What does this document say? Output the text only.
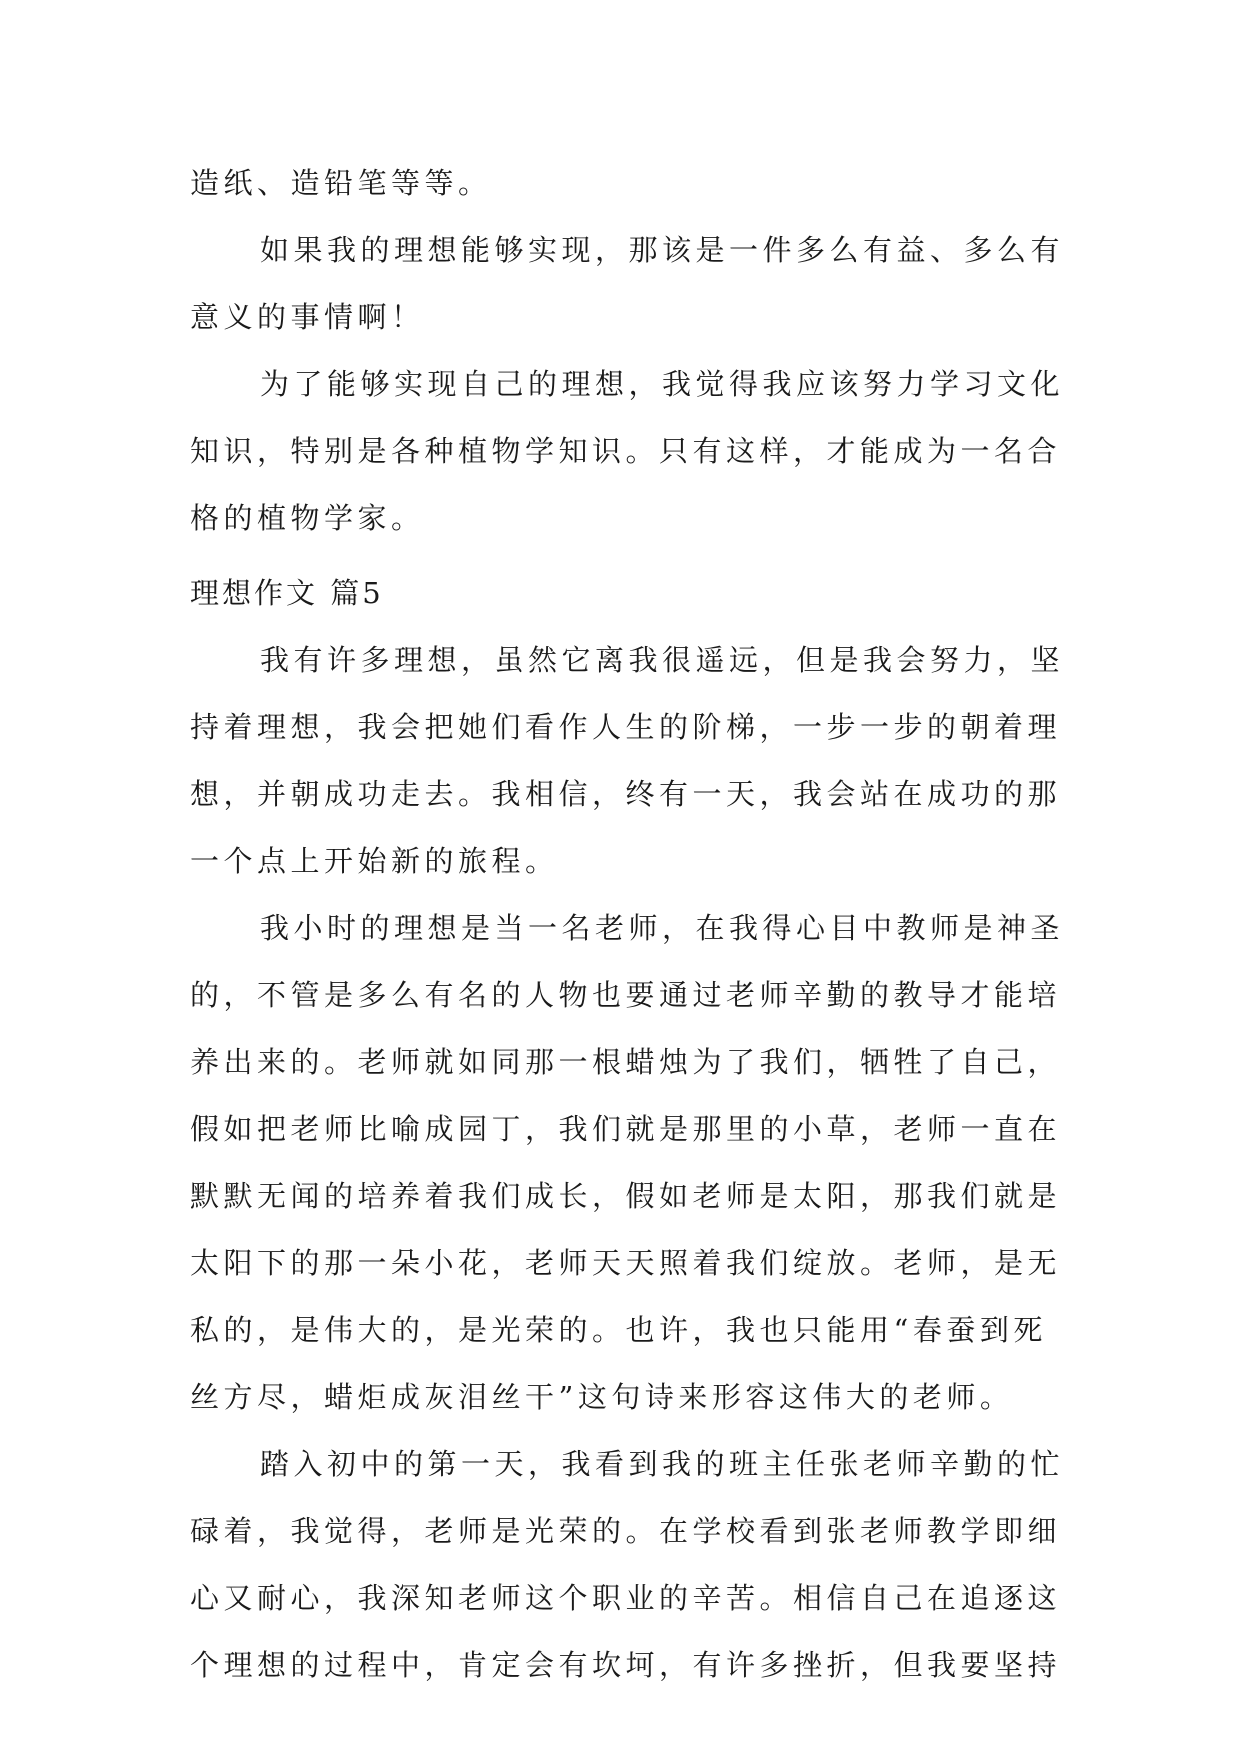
造纸、造铅笔等等。
如果我的理想能够实现，那该是一件多么有益、多么有
意义的事情啊！
为了能够实现自己的理想，我觉得我应该努力学习文化
知识，特别是各种植物学知识。只有这样，才能成为一名合
格的植物学家。
理想作文 篇5
我有许多理想，虽然它离我很遥远，但是我会努力，坚
持着理想，我会把她们看作人生的阶梯，一步一步的朝着理
想，并朝成功走去。我相信，终有一天，我会站在成功的那
一个点上开始新的旅程。
我小时的理想是当一名老师，在我得心目中教师是神圣
的，不管是多么有名的人物也要通过老师辛勤的教导才能培
养出来的。老师就如同那一根蜡烛为了我们，牺牲了自己，
假如把老师比喻成园丁，我们就是那里的小草，老师一直在
默默无闻的培养着我们成长，假如老师是太阳，那我们就是
太阳下的那一朵小花，老师天天照着我们绽放。老师，是无
私的，是伟大的，是光荣的。也许，我也只能用“春蚕到死
丝方尽，蜡炬成灰泪丝干”这句诗来形容这伟大的老师。
踏入初中的第一天，我看到我的班主任张老师辛勤的忙
碌着，我觉得，老师是光荣的。在学校看到张老师教学即细
心又耐心，我深知老师这个职业的辛苦。相信自己在追逐这
个理想的过程中，肯定会有坎坷，有许多挫折，但我要坚持
